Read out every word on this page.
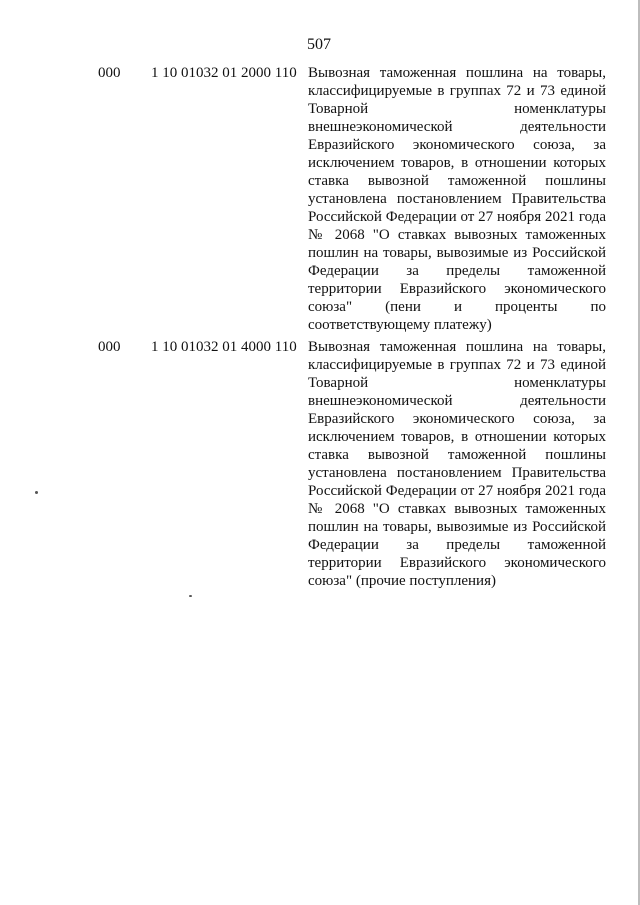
507
000 1 10 01032 01 2000 110 Вывозная таможенная пошлина на товары, классифицируемые в группах 72 и 73 единой Товарной номенклатуры внешнеэкономической деятельности Евразийского экономического союза, за исключением товаров, в отношении которых ставка вывозной таможенной пошлины установлена постановлением Правительства Российской Федерации от 27 ноября 2021 года № 2068 "О ставках вывозных таможенных пошлин на товары, вывозимые из Российской Федерации за пределы таможенной территории Евразийского экономического союза" (пени и проценты по соответствующему платежу)
000 1 10 01032 01 4000 110 Вывозная таможенная пошлина на товары, классифицируемые в группах 72 и 73 единой Товарной номенклатуры внешнеэкономической деятельности Евразийского экономического союза, за исключением товаров, в отношении которых ставка вывозной таможенной пошлины установлена постановлением Правительства Российской Федерации от 27 ноября 2021 года № 2068 "О ставках вывозных таможенных пошлин на товары, вывозимые из Российской Федерации за пределы таможенной территории Евразийского экономического союза" (прочие поступления)
